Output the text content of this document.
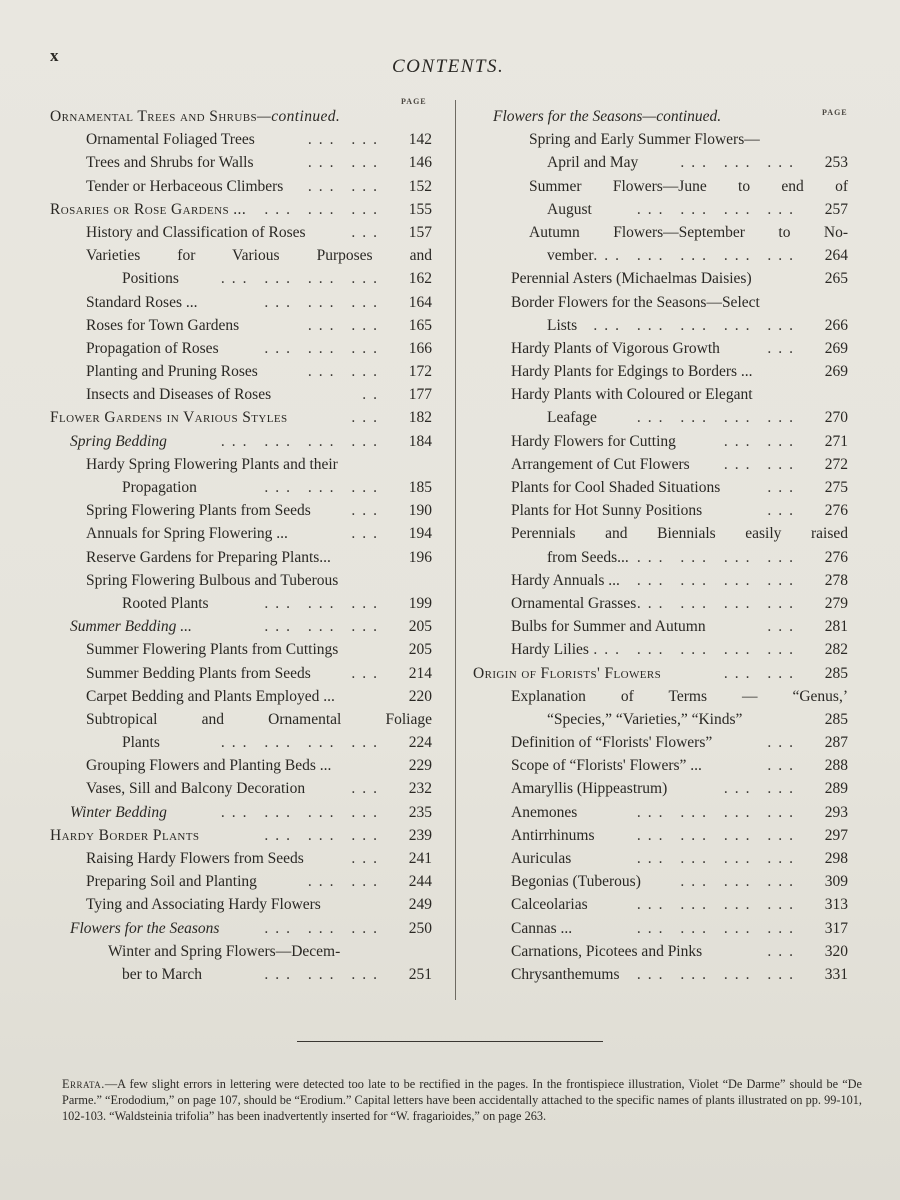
x
CONTENTS.
PAGE
PAGE
Ornamental Trees and Shrubs—continued.
Ornamental Foliaged Trees	... ...	142
Trees and Shrubs for Walls	... ...	146
Tender or Herbaceous Climbers ... ...	152
Rosaries or Rose Gardens ... ... ... ...	155
History and Classification of Roses	...	157
Varieties for Various Purposes and
Positions	... ... ... ...	162
Standard Roses ...	... ... ...	164
Roses for Town Gardens	... ...	165
Propagation of Roses	... ... ...	166
Planting and Pruning Roses	... ...	172
Insects and Diseases of Roses	..	177
Flower Gardens in Various Styles	...	182
Spring Bedding	... ... ... ...	184
Hardy Spring Flowering Plants and their
Propagation	... ... ...	185
Spring Flowering Plants from Seeds	...	190
Annuals for Spring Flowering ...	...	194
Reserve Gardens for Preparing Plants...	196
Spring Flowering Bulbous and Tuberous
Rooted Plants	... ... ...	199
Summer Bedding ...	... ... ...	205
Summer Flowering Plants from Cuttings	205
Summer Bedding Plants from Seeds	...	214
Carpet Bedding and Plants Employed ...	220
Subtropical and Ornamental Foliage
Plants	... ... ... ...	224
Grouping Flowers and Planting Beds ...	229
Vases, Sill and Balcony Decoration	...	232
Winter Bedding	... ... ... ...	235
Hardy Border Plants	... ... ...	239
Raising Hardy Flowers from Seeds	...	241
Preparing Soil and Planting	... ...	244
Tying and Associating Hardy Flowers	249
Flowers for the Seasons	... ... ...	250
Winter and Spring Flowers—Decem-
ber to March	... ... ...	251
Flowers for the Seasons—continued.
Spring and Early Summer Flowers—
April and May	... ... ...	253
Summer Flowers—June to end of
August	... ... ... ...	257
Autumn Flowers—September to No-
vember ... ... ... ... ...	264
Perennial Asters (Michaelmas Daisies)	265
Border Flowers for the Seasons—Select
Lists ... ... ... ... ...	266
Hardy Plants of Vigorous Growth	...	269
Hardy Plants for Edgings to Borders ...	269
Hardy Plants with Coloured or Elegant
Leafage	... ... ... ...	270
Hardy Flowers for Cutting	... ...	271
Arrangement of Cut Flowers ... ...	272
Plants for Cool Shaded Situations	...	275
Plants for Hot Sunny Positions	...	276
Perennials and Biennials easily raised
from Seeds... ... ... ... ...	276
Hardy Annuals ... ... ... ... ...	278
Ornamental Grasses ... ... ... ...	279
Bulbs for Summer and Autumn	...	281
Hardy Lilies ... ... ... ... ...	282
Origin of Florists' Flowers	... ...	285
Explanation of Terms — “Genus,’
“Species,” “Varieties,” “Kinds”	285
Definition of “Florists' Flowers”	...	287
Scope of “Florists' Flowers” ...	...	288
Amaryllis (Hippeastrum)	... ...	289
Anemones	... ... ... ...	293
Antirrhinums	... ... ... ...	297
Auriculas	... ... ... ...	298
Begonias (Tuberous)	... ... ...	309
Calceolarias	... ... ... ...	313
Cannas ...	... ... ... ...	317
Carnations, Picotees and Pinks	...	320
Chrysanthemums ... ... ... ...	331
Errata.—A few slight errors in lettering were detected too late to be rectified in the pages. In the frontispiece illustration, Violet “De Darme” should be “De Parme.” “Erododium,” on page 107, should be “Erodium.” Capital letters have been accidentally attached to the specific names of plants illustrated on pp. 99-101, 102-103. “Waldsteinia trifolia” has been inadvertently inserted for “W. fragarioides,” on page 263.
